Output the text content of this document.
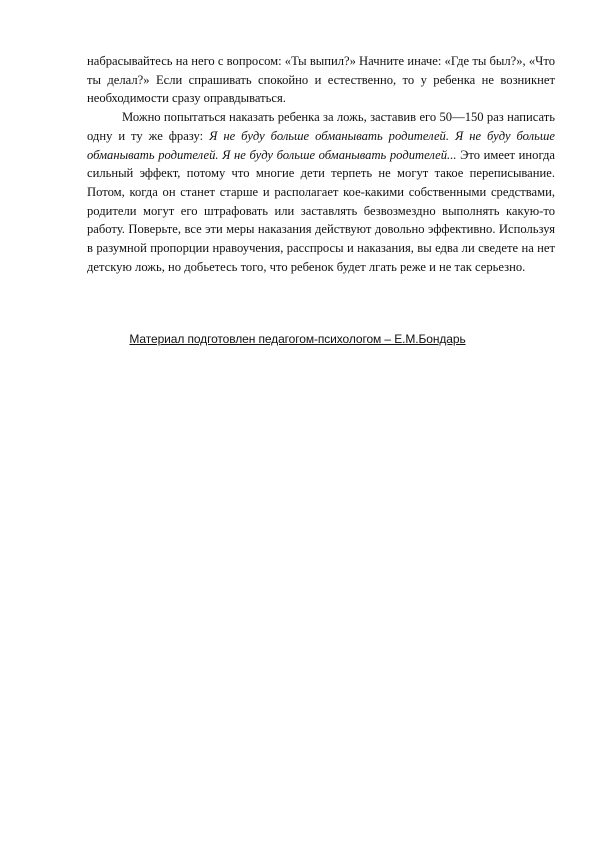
набрасывайтесь на него с вопросом: «Ты выпил?» Начните иначе: «Где ты был?», «Что ты делал?» Если спрашивать спокойно и естественно, то у ребенка не возникнет необходимости сразу оправдываться.

Можно попытаться наказать ребенка за ложь, заставив его 50—150 раз написать одну и ту же фразу: Я не буду больше обманывать родителей. Я не буду больше обманывать родителей. Я не буду больше обманывать родителей... Это имеет иногда сильный эффект, потому что многие дети терпеть не могут такое переписывание. Потом, когда он станет старше и располагает кое-какими собственными средствами, родители могут его штрафовать или заставлять безвозмездно выполнять какую-то работу. Поверьте, все эти меры наказания действуют довольно эффективно. Используя в разумной пропорции нравоучения, расспросы и наказания, вы едва ли сведете на нет детскую ложь, но добьетесь того, что ребенок будет лгать реже и не так серьезно.

Материал подготовлен педагогом-психологом – Е.М.Бондарь
